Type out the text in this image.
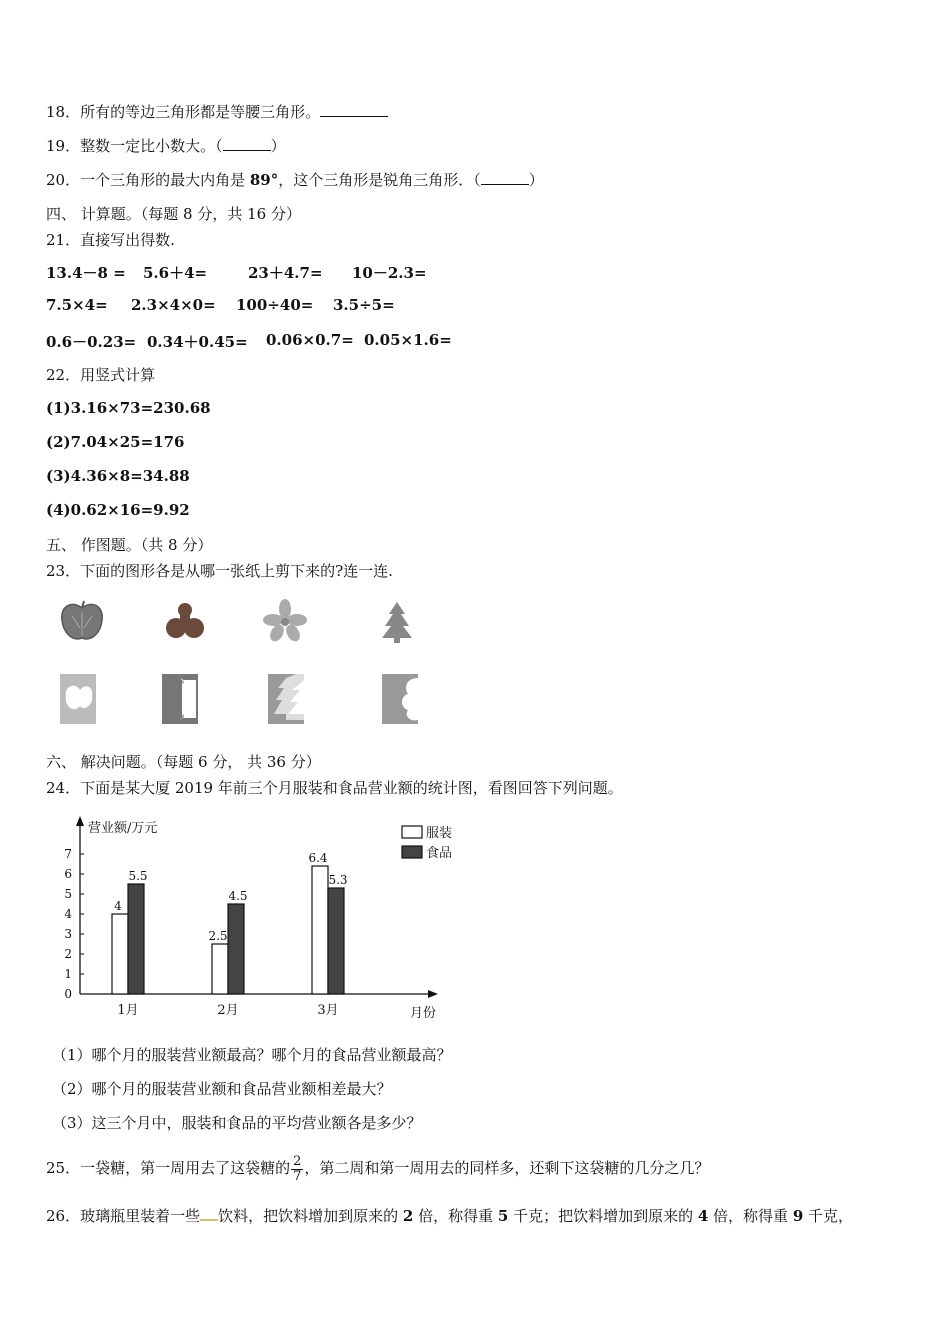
18．所有的等边三角形都是等腰三角形。
19．整数一定比小数大。（	）
20．一个三角形的最大内角是 89°，这个三角形是锐角三角形．（	）
四、 计算题。（每题 8 分，共 16 分）
21．直接写出得数.
13.4－8 = 5.6＋4=	23＋4.7= 10－2.3=
7.5×4= 2.3×4×0= 100÷40= 3.5÷5=
0.6－0.23= 0.34＋0.45= 0.06×0.7= 0.05×1.6=
22．用竖式计算
(1)3.16×73=230.68
(2)7.04×25=176
(3)4.36×8=34.88
(4)0.62×16=9.92
五、 作图题。（共 8 分）
23．下面的图形各是从哪一张纸上剪下来的?连一连.
六、 解决问题。（每题 6 分， 共 36 分）
24．下面是某大厦 2019 年前三个月服装和食品营业额的统计图，看图回答下列问题。
0
1
2
3
4
5
6
7
营业额/万元
月份
4
5.5
1月
2.5
4.5
2月
6.4
5.3
3月
服装
食品
（1）哪个月的服装营业额最高？哪个月的食品营业额最高？
（2）哪个月的服装营业额和食品营业额相差最大？
（3）这三个月中，服装和食品的平均营业额各是多少？
25．一袋糖，第一周用去了这袋糖的 $\frac{2}{7}$ ，第二周和第一周用去的同样多，还剩下这袋糖的几分之几？
26．玻璃瓶里装着一些 饮料，把饮料增加到原来的 2 倍，称得重 5 千克；把饮料增加到原来的 4 倍，称得重 9 千克，
